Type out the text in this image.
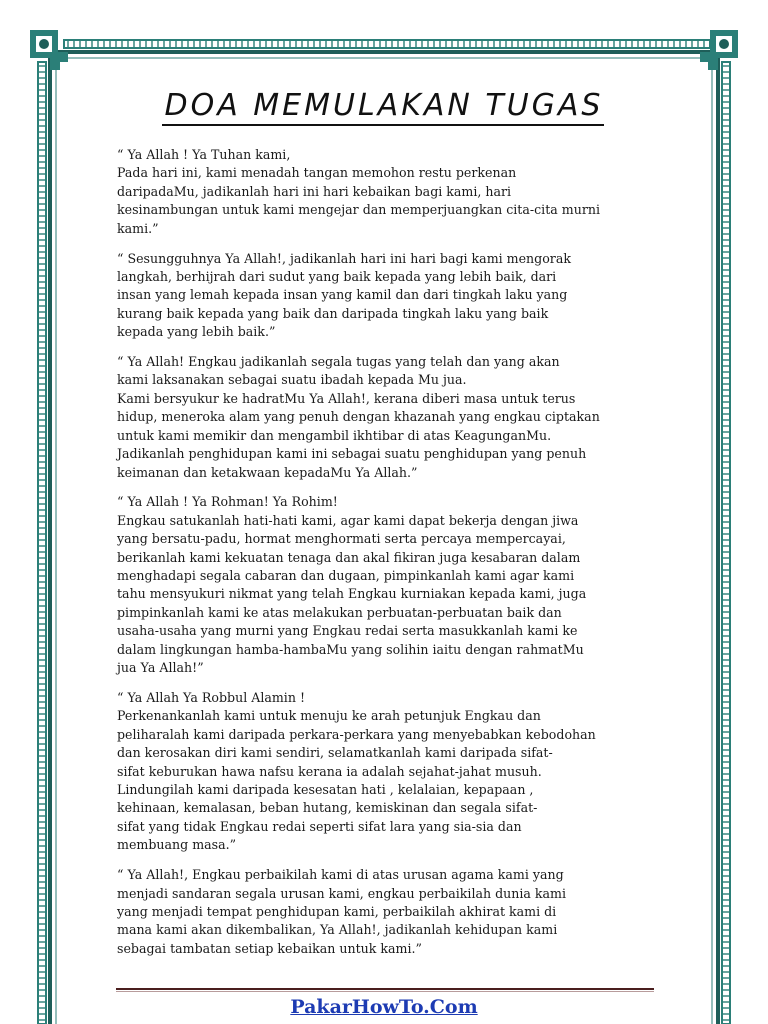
DOA MEMULAKAN TUGAS
“ Ya Allah ! Ya Tuhan kami,
Pada hari ini, kami menadah tangan memohon restu perkenan
daripadaMu, jadikanlah hari ini hari kebaikan bagi kami, hari
kesinambungan untuk kami mengejar dan memperjuangkan cita-cita murni
kami.”
“ Sesungguhnya Ya Allah!, jadikanlah hari ini hari bagi kami mengorak
langkah, berhijrah dari sudut yang baik kepada yang lebih baik, dari
insan yang lemah kepada insan yang kamil dan dari tingkah laku yang
kurang baik kepada yang baik dan daripada tingkah laku yang baik
kepada yang lebih baik.”
“ Ya Allah! Engkau jadikanlah segala tugas yang telah dan yang akan
kami laksanakan sebagai suatu ibadah kepada Mu jua.
Kami bersyukur ke hadratMu Ya Allah!, kerana diberi masa untuk terus
hidup, meneroka alam yang penuh dengan khazanah yang engkau ciptakan
untuk kami memikir dan mengambil ikhtibar di atas KeagunganMu.
Jadikanlah penghidupan kami ini sebagai suatu penghidupan yang penuh
keimanan dan ketakwaan kepadaMu Ya Allah.”
“ Ya Allah ! Ya Rohman! Ya Rohim!
Engkau satukanlah hati-hati kami, agar kami dapat bekerja dengan jiwa
yang bersatu-padu, hormat menghormati serta percaya mempercayai,
berikanlah kami kekuatan tenaga dan akal fikiran juga kesabaran dalam
menghadapi segala cabaran dan dugaan, pimpinkanlah kami agar kami
tahu mensyukuri nikmat yang telah Engkau kurniakan kepada kami, juga
pimpinkanlah kami ke atas melakukan perbuatan-perbuatan baik dan
usaha-usaha yang murni yang Engkau redai serta masukkanlah kami ke
dalam lingkungan hamba-hambaMu yang solihin iaitu dengan rahmatMu
jua Ya Allah!”
“ Ya Allah Ya Robbul Alamin !
Perkenankanlah kami untuk menuju ke arah petunjuk Engkau dan
peliharalah kami daripada perkara-perkara yang menyebabkan kebodohan
dan kerosakan diri kami sendiri, selamatkanlah kami daripada sifat-
sifat keburukan hawa nafsu kerana ia adalah sejahat-jahat musuh.
Lindungilah kami daripada kesesatan hati , kelalaian, kepapaan ,
kehinaan, kemalasan, beban hutang, kemiskinan dan segala sifat-
sifat yang tidak Engkau redai seperti sifat lara yang sia-sia dan
membuang masa.”
“ Ya Allah!, Engkau perbaikilah kami di atas urusan agama kami yang
menjadi sandaran segala urusan kami, engkau perbaikilah dunia kami
yang menjadi tempat penghidupan kami, perbaikilah akhirat kami di
mana kami akan dikembalikan, Ya Allah!, jadikanlah kehidupan kami
sebagai tambatan setiap kebaikan untuk kami.”
PakarHowTo.Com
